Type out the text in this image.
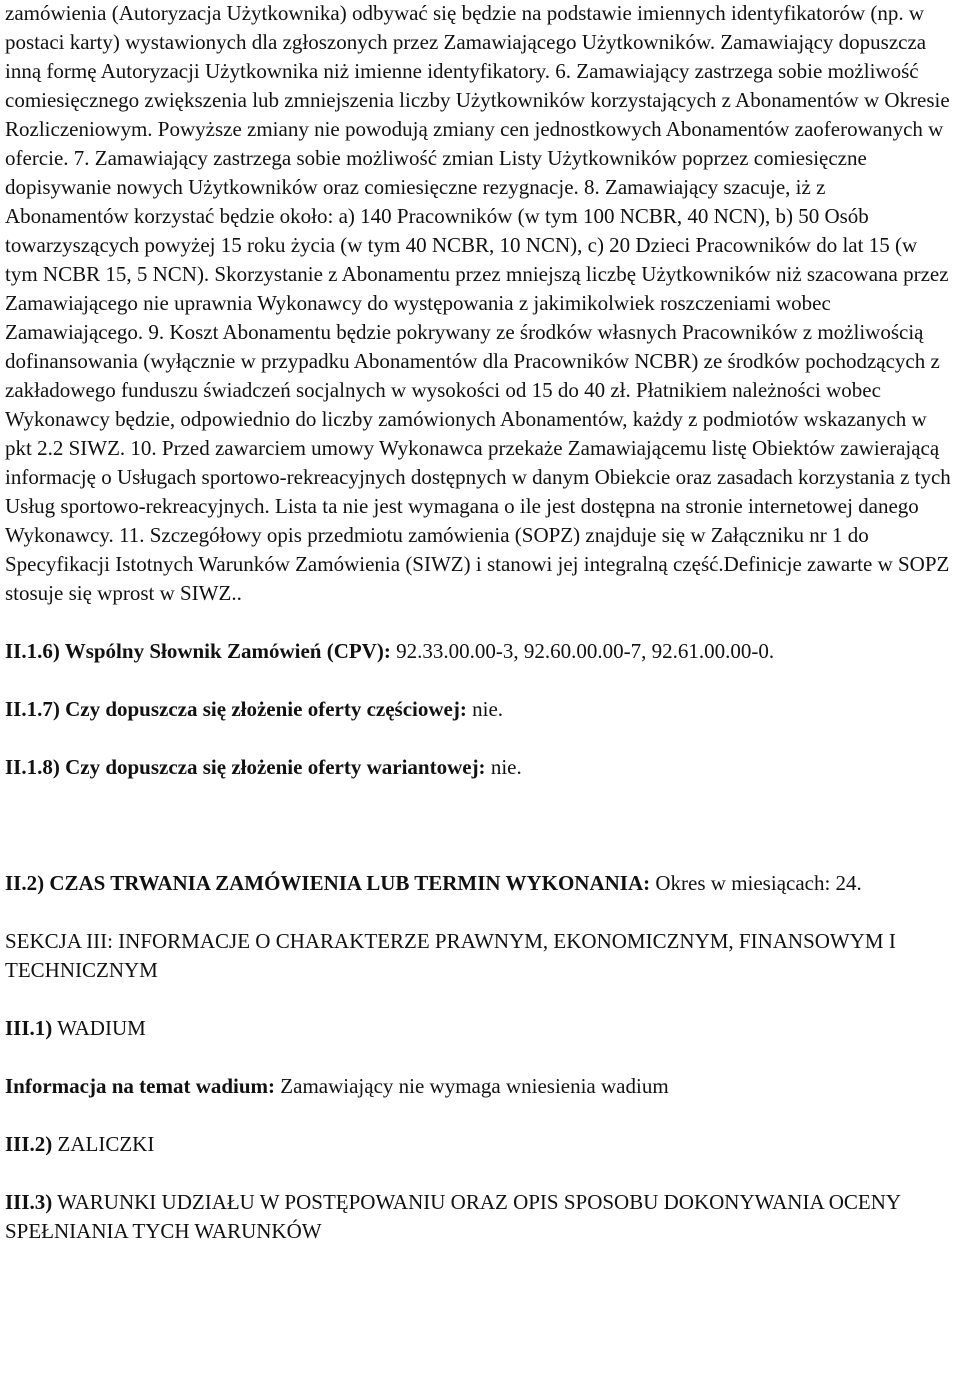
zamówienia (Autoryzacja Użytkownika) odbywać się będzie na podstawie imiennych identyfikatorów (np. w postaci karty) wystawionych dla zgłoszonych przez Zamawiającego Użytkowników. Zamawiający dopuszcza inną formę Autoryzacji Użytkownika niż imienne identyfikatory. 6. Zamawiający zastrzega sobie możliwość comiesięcznego zwiększenia lub zmniejszenia liczby Użytkowników korzystających z Abonamentów w Okresie Rozliczeniowym. Powyższe zmiany nie powodują zmiany cen jednostkowych Abonamentów zaoferowanych w ofercie. 7. Zamawiający zastrzega sobie możliwość zmian Listy Użytkowników poprzez comiesięczne dopisywanie nowych Użytkowników oraz comiesięczne rezygnacje. 8. Zamawiający szacuje, iż z Abonamentów korzystać będzie około: a) 140 Pracowników (w tym 100 NCBR, 40 NCN), b) 50 Osób towarzyszących powyżej 15 roku życia (w tym 40 NCBR, 10 NCN), c) 20 Dzieci Pracowników do lat 15 (w tym NCBR 15, 5 NCN). Skorzystanie z Abonamentu przez mniejszą liczbę Użytkowników niż szacowana przez Zamawiającego nie uprawnia Wykonawcy do występowania z jakimikolwiek roszczeniami wobec Zamawiającego. 9. Koszt Abonamentu będzie pokrywany ze środków własnych Pracowników z możliwością dofinansowania (wyłącznie w przypadku Abonamentów dla Pracowników NCBR) ze środków pochodzących z zakładowego funduszu świadczeń socjalnych w wysokości od 15 do 40 zł. Płatnikiem należności wobec Wykonawcy będzie, odpowiednio do liczby zamówionych Abonamentów, każdy z podmiotów wskazanych w pkt 2.2 SIWZ. 10. Przed zawarciem umowy Wykonawca przekaże Zamawiającemu listę Obiektów zawierającą informację o Usługach sportowo-rekreacyjnych dostępnych w danym Obiekcie oraz zasadach korzystania z tych Usług sportowo-rekreacyjnych. Lista ta nie jest wymagana o ile jest dostępna na stronie internetowej danego Wykonawcy. 11. Szczegółowy opis przedmiotu zamówienia (SOPZ) znajduje się w Załączniku nr 1 do Specyfikacji Istotnych Warunków Zamówienia (SIWZ) i stanowi jej integralną część.Definicje zawarte w SOPZ stosuje się wprost w SIWZ..

II.1.6) Wspólny Słownik Zamówień (CPV): 92.33.00.00-3, 92.60.00.00-7, 92.61.00.00-0.

II.1.7) Czy dopuszcza się złożenie oferty częściowej: nie.

II.1.8) Czy dopuszcza się złożenie oferty wariantowej: nie.

II.2) CZAS TRWANIA ZAMÓWIENIA LUB TERMIN WYKONANIA: Okres w miesiącach: 24.

SEKCJA III: INFORMACJE O CHARAKTERZE PRAWNYM, EKONOMICZNYM, FINANSOWYM I TECHNICZNYM

III.1) WADIUM

Informacja na temat wadium: Zamawiający nie wymaga wniesienia wadium

III.2) ZALICZKI

III.3) WARUNKI UDZIAŁU W POSTĘPOWANIU ORAZ OPIS SPOSOBU DOKONYWANIA OCENY SPEŁNIANIA TYCH WARUNKÓW
